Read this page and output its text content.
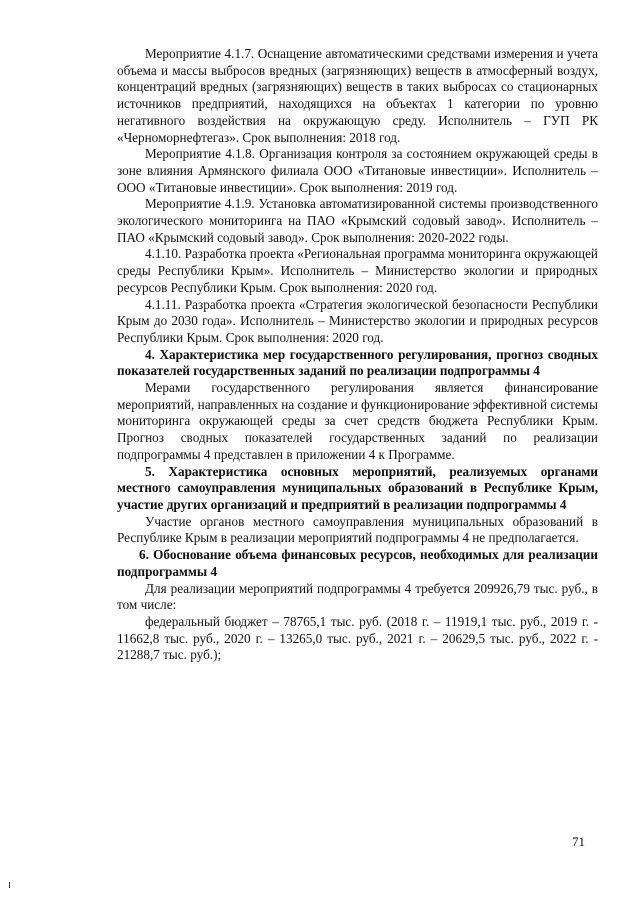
Мероприятие 4.1.7. Оснащение автоматическими средствами измерения и учета объема и массы выбросов вредных (загрязняющих) веществ в атмосферный воздух, концентраций вредных (загрязняющих) веществ в таких выбросах со стационарных источников предприятий, находящихся на объектах 1 категории по уровню негативного воздействия на окружающую среду. Исполнитель – ГУП РК «Черноморнефтегаз». Срок выполнения: 2018 год.

Мероприятие 4.1.8. Организация контроля за состоянием окружающей среды в зоне влияния Армянского филиала ООО «Титановые инвестиции». Исполнитель – ООО «Титановые инвестиции». Срок выполнения: 2019 год.

Мероприятие 4.1.9. Установка автоматизированной системы производственного экологического мониторинга на ПАО «Крымский содовый завод». Исполнитель – ПАО «Крымский содовый завод». Срок выполнения: 2020-2022 годы.

4.1.10. Разработка проекта «Региональная программа мониторинга окружающей среды Республики Крым». Исполнитель – Министерство экологии и природных ресурсов Республики Крым. Срок выполнения: 2020 год.

4.1.11. Разработка проекта «Стратегия экологической безопасности Республики Крым до 2030 года». Исполнитель – Министерство экологии и природных ресурсов Республики Крым. Срок выполнения: 2020 год.

4. Характеристика мер государственного регулирования, прогноз сводных показателей государственных заданий по реализации подпрограммы 4

Мерами государственного регулирования является финансирование мероприятий, направленных на создание и функционирование эффективной системы мониторинга окружающей среды за счет средств бюджета Республики Крым. Прогноз сводных показателей государственных заданий по реализации подпрограммы 4 представлен в приложении 4 к Программе.

5. Характеристика основных мероприятий, реализуемых органами местного самоуправления муниципальных образований в Республике Крым, участие других организаций и предприятий в реализации подпрограммы 4

Участие органов местного самоуправления муниципальных образований в Республике Крым в реализации мероприятий подпрограммы 4 не предполагается.

6. Обоснование объема финансовых ресурсов, необходимых для реализации подпрограммы 4

Для реализации мероприятий подпрограммы 4 требуется 209926,79 тыс. руб., в том числе:

федеральный бюджет – 78765,1 тыс. руб. (2018 г. – 11919,1 тыс. руб., 2019 г. - 11662,8 тыс. руб., 2020 г. – 13265,0 тыс. руб., 2021 г. – 20629,5 тыс. руб., 2022 г. - 21288,7 тыс. руб.);

71
